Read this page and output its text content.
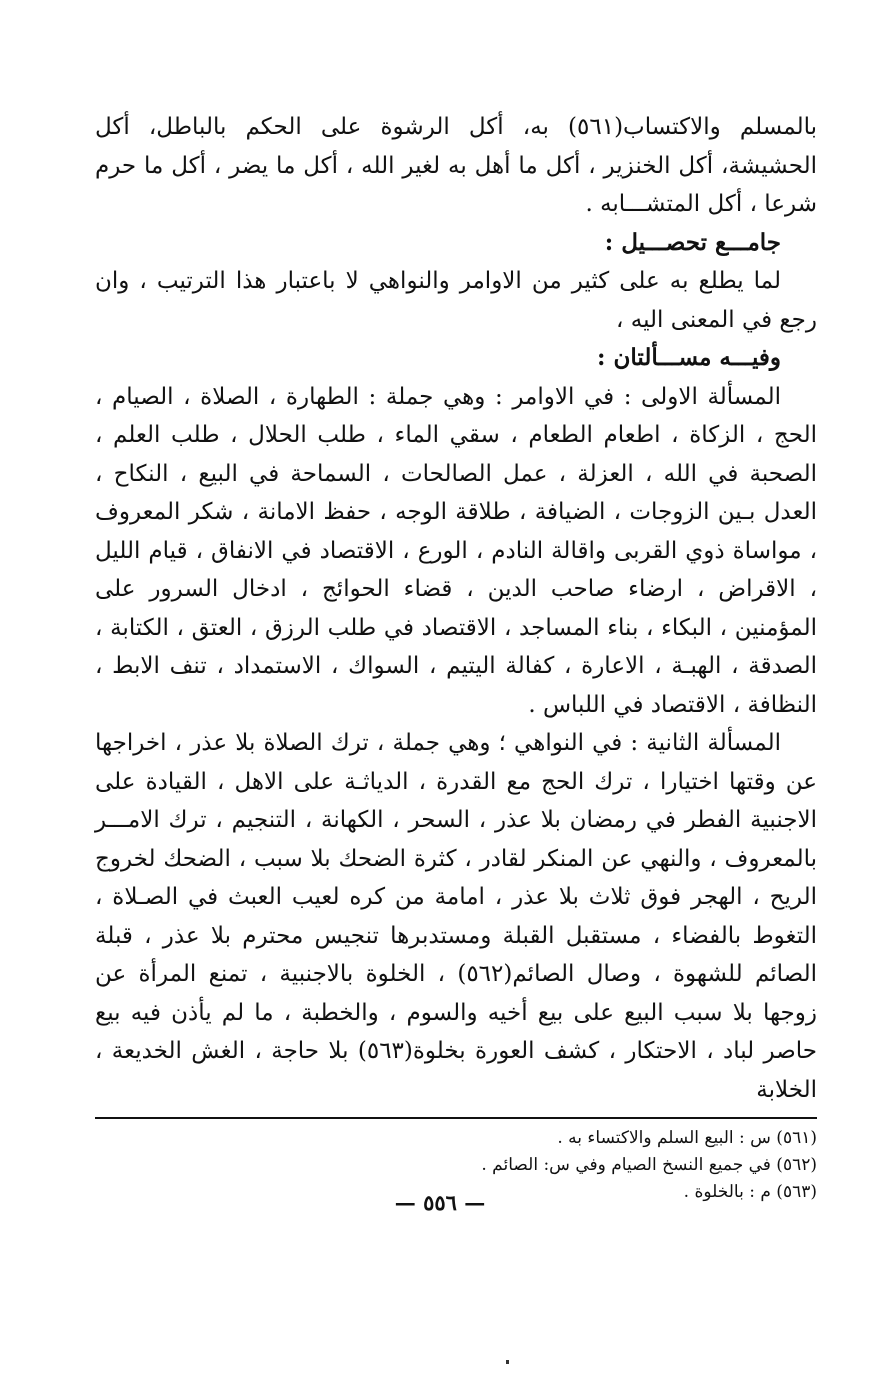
بالمسلم والاكتساب(٥٦١) به، أكل الرشوة على الحكم بالباطل، أكل الحشيشة، أكل الخنزير ، أكل ما أهل به لغير الله ، أكل ما يضر ، أكل ما حرم شرعا ، أكل المتشـــابه .

جامـــع تحصـــيل :

لما يطلع به على كثير من الاوامر والنواهي لا باعتبار هذا الترتيب ، وان رجع في المعنى اليه ،

وفيـــه مســـألتان :

المسألة الاولى : في الاوامر : وهي جملة : الطهارة ، الصلاة ، الصيام ، الحج ، الزكاة ، اطعام الطعام ، سقي الماء ، طلب الحلال ، طلب العلم ، الصحبة في الله ، العزلة ، عمل الصالحات ، السماحة في البيع ، النكاح ، العدل بـين الزوجات ، الضيافة ، طلاقة الوجه ، حفظ الامانة ، شكر المعروف ، مواساة ذوي القربى واقالة النادم ، الورع ، الاقتصاد في الانفاق ، قيام الليل ، الاقراض ، ارضاء صاحب الدين ، قضاء الحوائج ، ادخال السرور على المؤمنين ، البكاء ، بناء المساجد ، الاقتصاد في طلب الرزق ، العتق ، الكتابة ، الصدقة ، الهبـة ، الاعارة ، كفالة اليتيم ، السواك ، الاستمداد ، تنف الابط ، النظافة ، الاقتصاد في اللباس .

المسألة الثانية : في النواهي ؛ وهي جملة ، ترك الصلاة بلا عذر ، اخراجها عن وقتها اختيارا ، ترك الحج مع القدرة ، الدياثـة على الاهل ، القيادة على الاجنبية الفطر في رمضان بلا عذر ، السحر ، الكهانة ، التنجيم ، ترك الامـــر بالمعروف ، والنهي عن المنكر لقادر ، كثرة الضحك بلا سبب ، الضحك لخروج الريح ، الهجر فوق ثلاث بلا عذر ، امامة من كره لعيب العبث في الصـلاة ، التغوط بالفضاء ، مستقبل القبلة ومستدبرها تنجيس محترم بلا عذر ، قبلة الصائم للشهوة ، وصال الصائم(٥٦٢) ، الخلوة بالاجنبية ، تمنع المرأة عن زوجها بلا سبب البيع على بيع أخيه والسوم ، والخطبة ، ما لم يأذن فيه بيع حاصر لباد ، الاحتكار ، كشف العورة بخلوة(٥٦٣) بلا حاجة ، الغش الخديعة ، الخلابة

(٥٦١) س : البيع السلم والاكتساء به .

(٥٦٢) في جميع النسخ الصيام وفي س: الصائم .

(٥٦٣) م : بالخلوة .

— ٥٥٦ —
